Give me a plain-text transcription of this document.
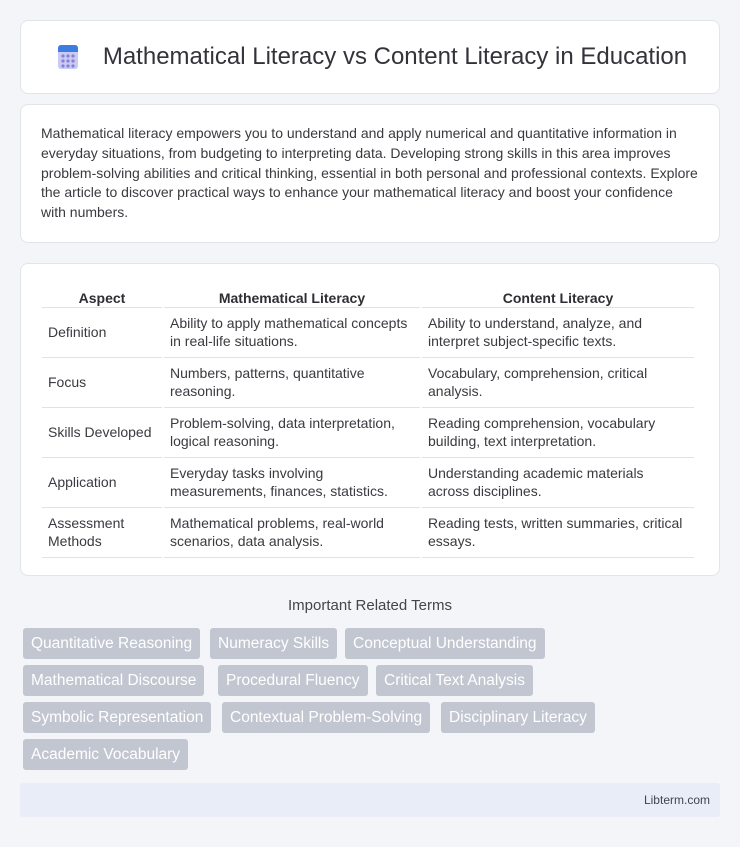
Mathematical Literacy vs Content Literacy in Education

Mathematical literacy empowers you to understand and apply numerical and quantitative information in everyday situations, from budgeting to interpreting data. Developing strong skills in this area improves problem-solving abilities and critical thinking, essential in both personal and professional contexts. Explore the article to discover practical ways to enhance your mathematical literacy and boost your confidence with numbers.

Aspect	Mathematical Literacy	Content Literacy
Definition	Ability to apply mathematical concepts in real-life situations.	Ability to understand, analyze, and interpret subject-specific texts.
Focus	Numbers, patterns, quantitative reasoning.	Vocabulary, comprehension, critical analysis.
Skills Developed	Problem-solving, data interpretation, logical reasoning.	Reading comprehension, vocabulary building, text interpretation.
Application	Everyday tasks involving measurements, finances, statistics.	Understanding academic materials across disciplines.
Assessment Methods	Mathematical problems, real-world scenarios, data analysis.	Reading tests, written summaries, critical essays.
Important Related Terms
Quantitative Reasoning	Numeracy Skills	Conceptual Understanding
Mathematical Discourse	Procedural Fluency	Critical Text Analysis
Symbolic Representation	Contextual Problem-Solving	Disciplinary Literacy
Academic Vocabulary
Libterm.com
